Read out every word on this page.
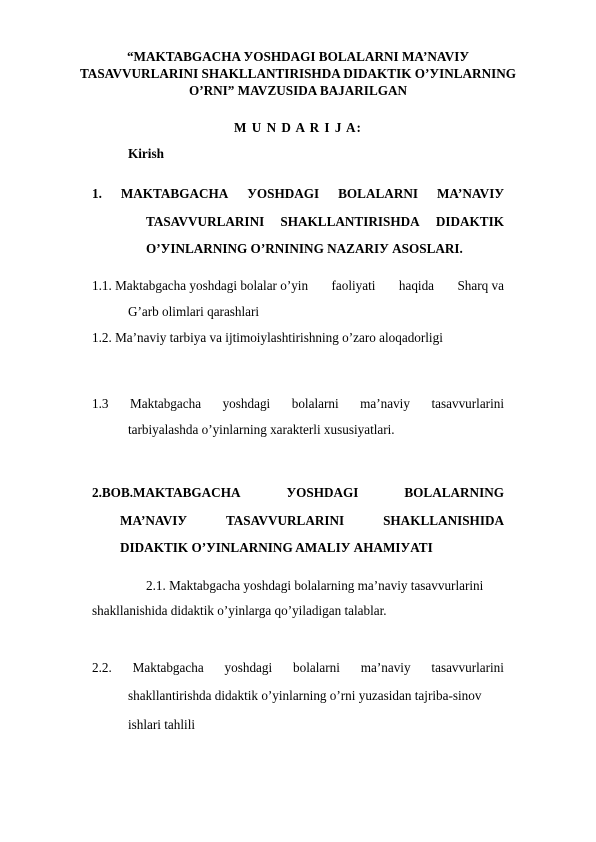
“MAKTABGACHA УOSHDAGI BOLALARNI MA’NAVIУ
TASAVVURLARINI SHAKLLANTIRISHDA DIDAKTIK O’УINLARNING
O’RNI” MAVZUSIDA BAJARILGAN
M U N D A R I J A:
Kirish
1. MAKTABGACHA УOSHDAGI BOLALARNI MA’NAVIУ
TASAVVURLARINI SHAKLLANTIRISHDA DIDAKTIK
O’УINLARNING O’RNINING NAZARIУ ASOSLARI.
1.1. Maktabgacha yoshdagi bolalar o’yin faoliyati haqida Sharq va
G’arb olimlari qarashlari
1.2. Ma’naviy tarbiya va ijtimoiylashtirishning o’zaro aloqadorligi
1.3 Maktabgacha yoshdagi bolalarni ma’naviy tasavvurlarini
tarbiyalashda o’yinlarning xarakterli xususiyatlari.
2.BOB.MAKTABGACHA	УOSHDAGI	BOLALARNING
MA’NAVIУ	TASAVVURLARINI	SHAKLLANISHIDA
DIDAKTIK O’УINLARNING AMALIУ AHAMIУATI
2.1. Maktabgacha yoshdagi bolalarning ma’naviy tasavvurlarini
shakllanishida didaktik o’yinlarga qo’yiladigan talablar.
2.2. Maktabgacha yoshdagi bolalarni ma’naviy tasavvurlarini
shakllantirishda didaktik o’yinlarning o’rni yuzasidan tajriba-sinov
ishlari tahlili
